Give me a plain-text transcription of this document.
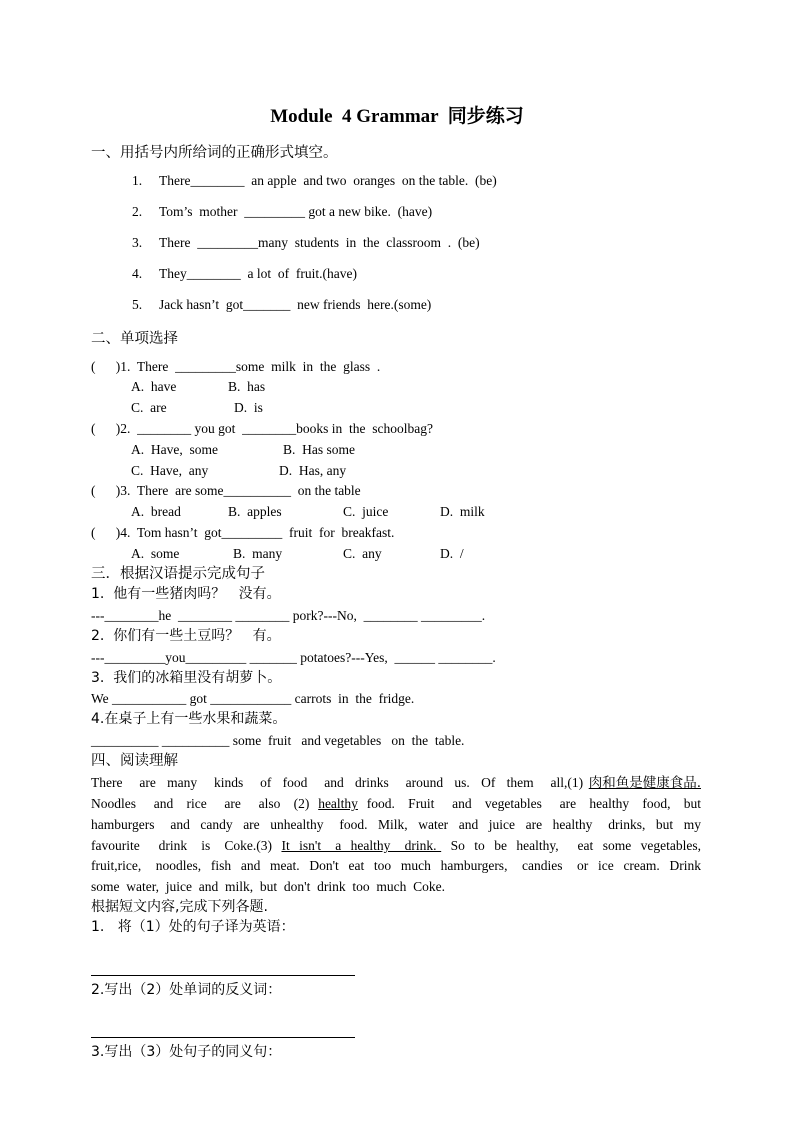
Module  4 Grammar  同步练习
一、用括号内所给词的正确形式填空。
1. There________  an apple  and two  oranges  on the table.  (be)
2. Tom’s  mother  _________ got a new bike.  (have)
3. There  _________many  students  in  the  classroom  .  (be)
4. They________  a lot  of  fruit.(have)
5. Jack hasn’t  got_______  new friends  here.(some)
二、单项选择
(      )1.  There  _________some  milk  in  the  glass  .
A.  have	B.  has
C.  are	D.  is
(      )2.  ________ you got  ________books in  the  schoolbag?
A.  Have,  some	B.  Has some
C.  Have,  any	D.  Has, any
(      )3.  There  are some__________  on the table
A.  bread	B.  apples	C.  juice	D.  milk
(      )4.  Tom hasn’t  got_________  fruit  for  breakfast.
A.  some	B.  many	C.  any	D.  /
三．根据汉语提示完成句子
1.  他有一些猪肉吗？   没有。
---________he  ________ ________ pork?---No,  ________ _________.
2.  你们有一些土豆吗？   有。
---_________you_________ _______ potatoes?---Yes,  ______ ________.
3.  我们的冰箱里没有胡萝卜。
We ___________ got ____________ carrots  in  the  fridge.
4.在桌子上有一些水果和蔬菜。
__________ __________ some  fruit   and vegetables   on  the  table.
四、阅读理解
There   are  many   kinds   of  food   and  drinks   around  us.  Of  them   all,(1) 肉和鱼是健康食品.
Noodles    and   rice    are    also   (2)  healthy  food.   Fruit    and   vegetables    are   healthy   food,   but
hamburgers   and  candy  are  unhealthy   food.  Milk,  water  and  juice  are  healthy   drinks,  but  my
favourite    drink   is   Coke.(3)  It  isn't   a  healthy   drink.   So  to  be  healthy,    eat  some  vegetables,
fruit,rice,   noodles,  fish  and  meat.  Don't  eat  too  much  hamburgers,   candies   or  ice  cream.  Drink
some  water,  juice  and  milk,  but  don't  drink  too  much  Coke.
根据短文内容,完成下列各题.
1.   将（1）处的句子译为英语：
2.写出（2）处单词的反义词：
3.写出（3）处句子的同义句：
